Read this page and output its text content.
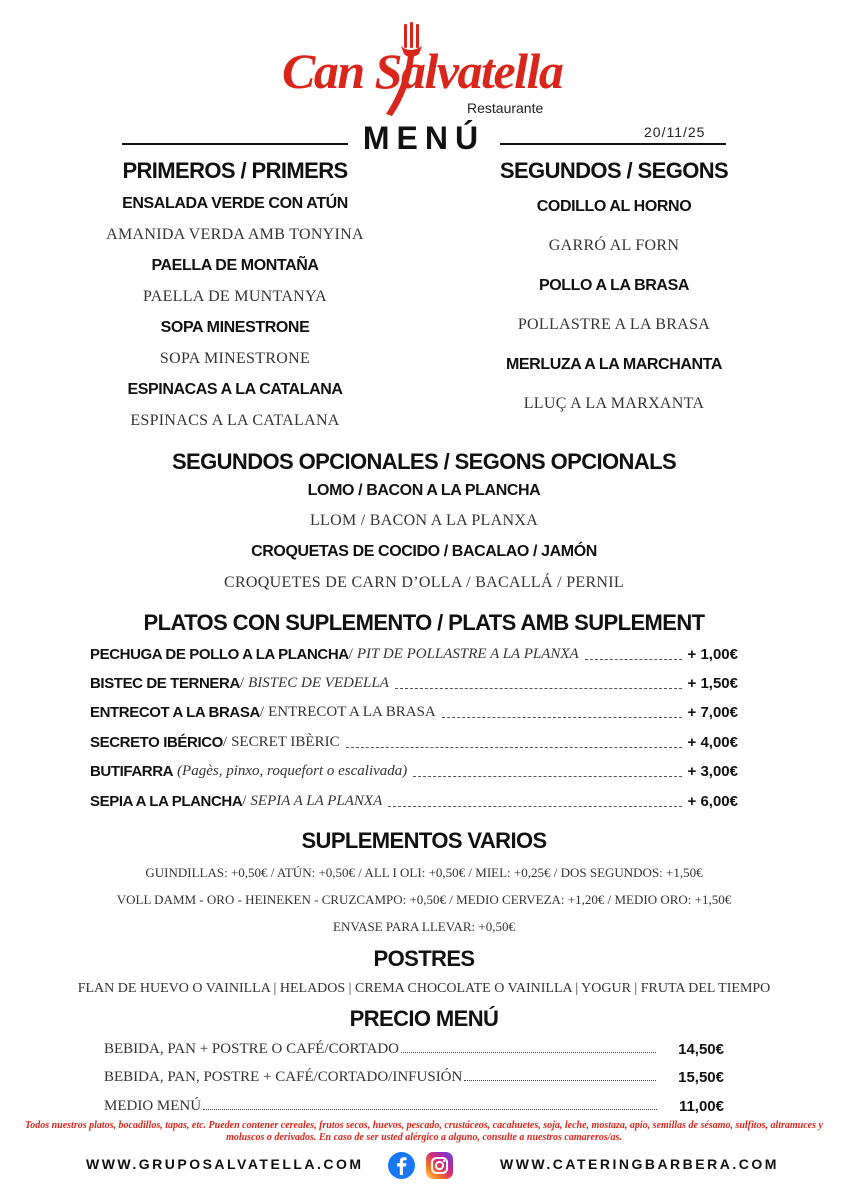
Can Salvatella
Restaurante
MENÚ	20/11/25
PRIMEROS / PRIMERS
ENSALADA VERDE CON ATÚN
AMANIDA VERDA AMB TONYINA
PAELLA DE MONTAÑA
PAELLA DE MUNTANYA
SOPA MINESTRONE
SOPA MINESTRONE
ESPINACAS A LA CATALANA
ESPINACS A LA CATALANA
SEGUNDOS / SEGONS
CODILLO AL HORNO
GARRÓ AL FORN
POLLO A LA BRASA
POLLASTRE A LA BRASA
MERLUZA A LA MARCHANTA
LLUÇ A LA MARXANTA
SEGUNDOS OPCIONALES / SEGONS OPCIONALS
LOMO / BACON A LA PLANCHA
LLOM / BACON A LA PLANXA
CROQUETAS DE COCIDO / BACALAO / JAMÓN
CROQUETES DE CARN D’OLLA / BACALLÁ / PERNIL
PLATOS CON SUPLEMENTO / PLATS AMB SUPLEMENT
PECHUGA DE POLLO A LA PLANCHA / PIT DE POLLASTRE A LA PLANXA	+ 1,00€
BISTEC DE TERNERA / BISTEC DE VEDELLA	+ 1,50€
ENTRECOT A LA BRASA / ENTRECOT A LA BRASA	+ 7,00€
SECRETO IBÉRICO / SECRET IBÈRIC	+ 4,00€
BUTIFARRA (Pagès, pinxo, roquefort o escalivada)	+ 3,00€
SEPIA A LA PLANCHA / SEPIA A LA PLANXA	+ 6,00€
SUPLEMENTOS VARIOS
GUINDILLAS: +0,50€ / ATÚN: +0,50€ / ALL I OLI: +0,50€ / MIEL: +0,25€ / DOS SEGUNDOS: +1,50€
VOLL DAMM - ORO - HEINEKEN - CRUZCAMPO: +0,50€ / MEDIO CERVEZA: +1,20€ / MEDIO ORO: +1,50€
ENVASE PARA LLEVAR: +0,50€
POSTRES
FLAN DE HUEVO O VAINILLA | HELADOS | CREMA CHOCOLATE O VAINILLA | YOGUR | FRUTA DEL TIEMPO
PRECIO MENÚ
BEBIDA, PAN + POSTRE O CAFÉ/CORTADO	14,50€
BEBIDA, PAN, POSTRE + CAFÉ/CORTADO/INFUSIÓN	15,50€
MEDIO MENÚ	11,00€
Todos nuestros platos, bocadillos, tapas, etc. Pueden contener cereales, frutos secos, huevos, pescado, crustáceos, cacahuetes, soja, leche, mostaza, apio, semillas de sésamo, sulfitos, altramuces y moluscos o derivados. En caso de ser usted alérgico a alguno, consulte a nuestros camareros/as.
WWW.GRUPOSALVATELLA.COM	WWW.CATERINGBARBERA.COM
